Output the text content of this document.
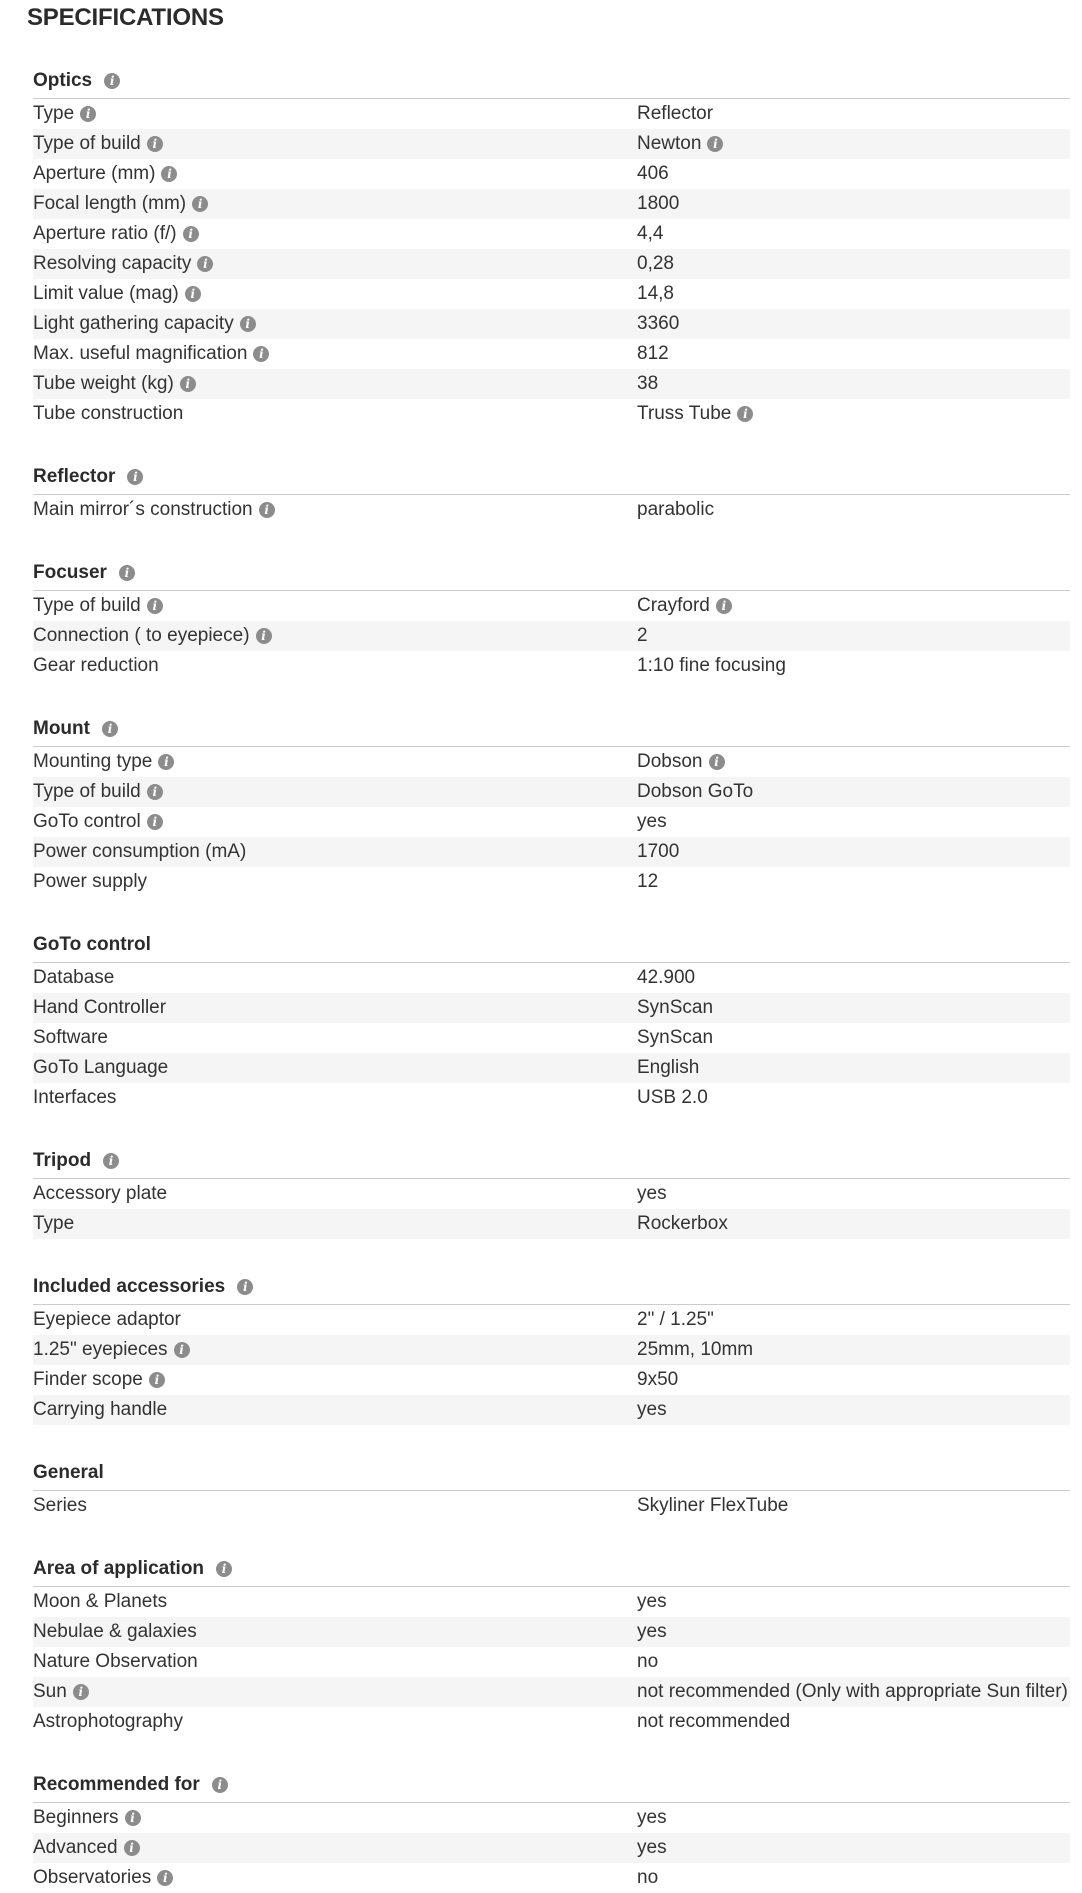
SPECIFICATIONS
Optics	i
Type i	Reflector
Type of build i	Newton i
Aperture (mm) i	406
Focal length (mm) i	1800
Aperture ratio (f/) i	4,4
Resolving capacity i	0,28
Limit value (mag) i	14,8
Light gathering capacity i	3360
Max. useful magnification i	812
Tube weight (kg) i	38
Tube construction	Truss Tube i
Reflector	i
Main mirror´s construction i	parabolic
Focuser	i
Type of build i	Crayford i
Connection ( to eyepiece) i	2
Gear reduction	1:10 fine focusing
Mount	i
Mounting type i	Dobson i
Type of build i	Dobson GoTo
GoTo control i	yes
Power consumption (mA)	1700
Power supply	12
GoTo control
Database	42.900
Hand Controller	SynScan
Software	SynScan
GoTo Language	English
Interfaces	USB 2.0
Tripod	i
Accessory plate	yes
Type	Rockerbox
Included accessories	i
Eyepiece adaptor	2" / 1.25"
1.25" eyepieces i	25mm, 10mm
Finder scope i	9x50
Carrying handle	yes
General
Series	Skyliner FlexTube
Area of application	i
Moon & Planets	yes
Nebulae & galaxies	yes
Nature Observation	no
Sun i	not recommended (Only with appropriate Sun filter)
Astrophotography	not recommended
Recommended for	i
Beginners i	yes
Advanced i	yes
Observatories i	no
